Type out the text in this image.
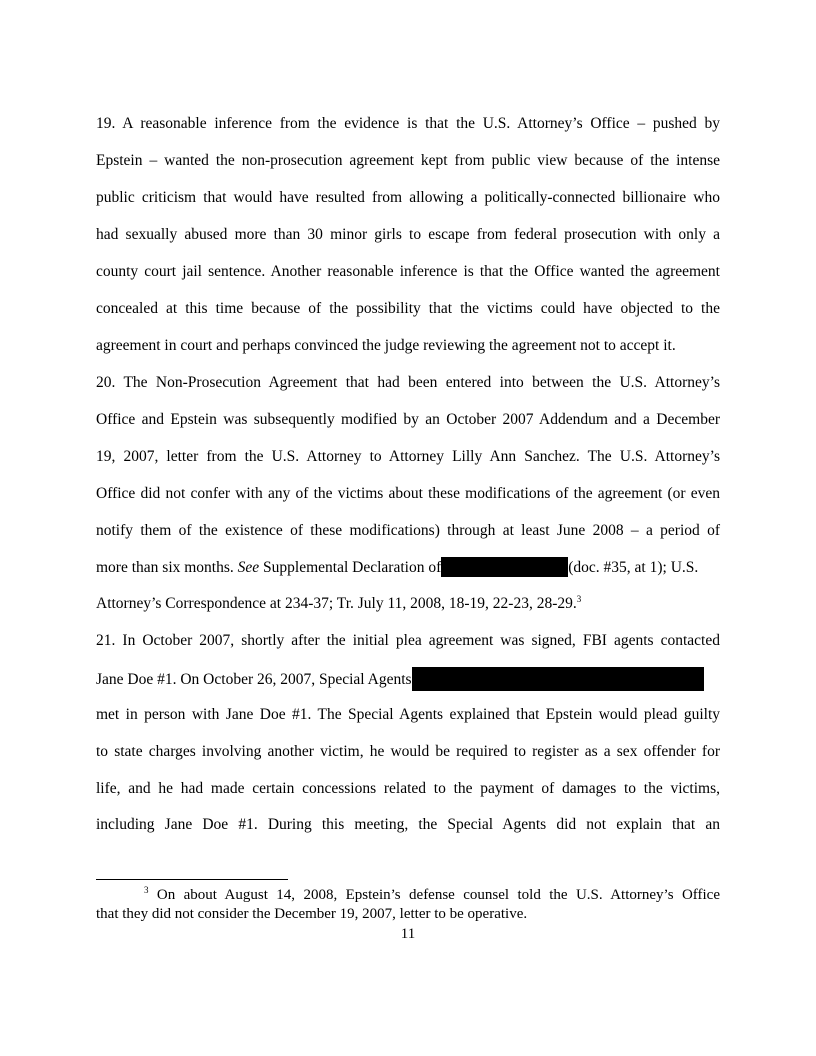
19. A reasonable inference from the evidence is that the U.S. Attorney’s Office – pushed by
Epstein – wanted the non-prosecution agreement kept from public view because of the intense
public criticism that would have resulted from allowing a politically-connected billionaire who
had sexually abused more than 30 minor girls to escape from federal prosecution with only a
county court jail sentence. Another reasonable inference is that the Office wanted the agreement
concealed at this time because of the possibility that the victims could have objected to the
agreement in court and perhaps convinced the judge reviewing the agreement not to accept it.
20. The Non-Prosecution Agreement that had been entered into between the U.S. Attorney’s
Office and Epstein was subsequently modified by an October 2007 Addendum and a December
19, 2007, letter from the U.S. Attorney to Attorney Lilly Ann Sanchez. The U.S. Attorney’s
Office did not confer with any of the victims about these modifications of the agreement (or even
notify them of the existence of these modifications) through at least June 2008 – a period of
more than six months. See Supplemental Declaration of	(doc. #35, at 1); U.S.
Attorney’s Correspondence at 234-37; Tr. July 11, 2008, 18-19, 22-23, 28-29.$^3$
21. In October 2007, shortly after the initial plea agreement was signed, FBI agents contacted
Jane Doe #1. On October 26, 2007, Special Agents
met in person with Jane Doe #1. The Special Agents explained that Epstein would plead guilty
to state charges involving another victim, he would be required to register as a sex offender for
life, and he had made certain concessions related to the payment of damages to the victims,
including Jane Doe #1. During this meeting, the Special Agents did not explain that an
$^3$ On about August 14, 2008, Epstein’s defense counsel told the U.S. Attorney’s Office
that they did not consider the December 19, 2007, letter to be operative.
11
